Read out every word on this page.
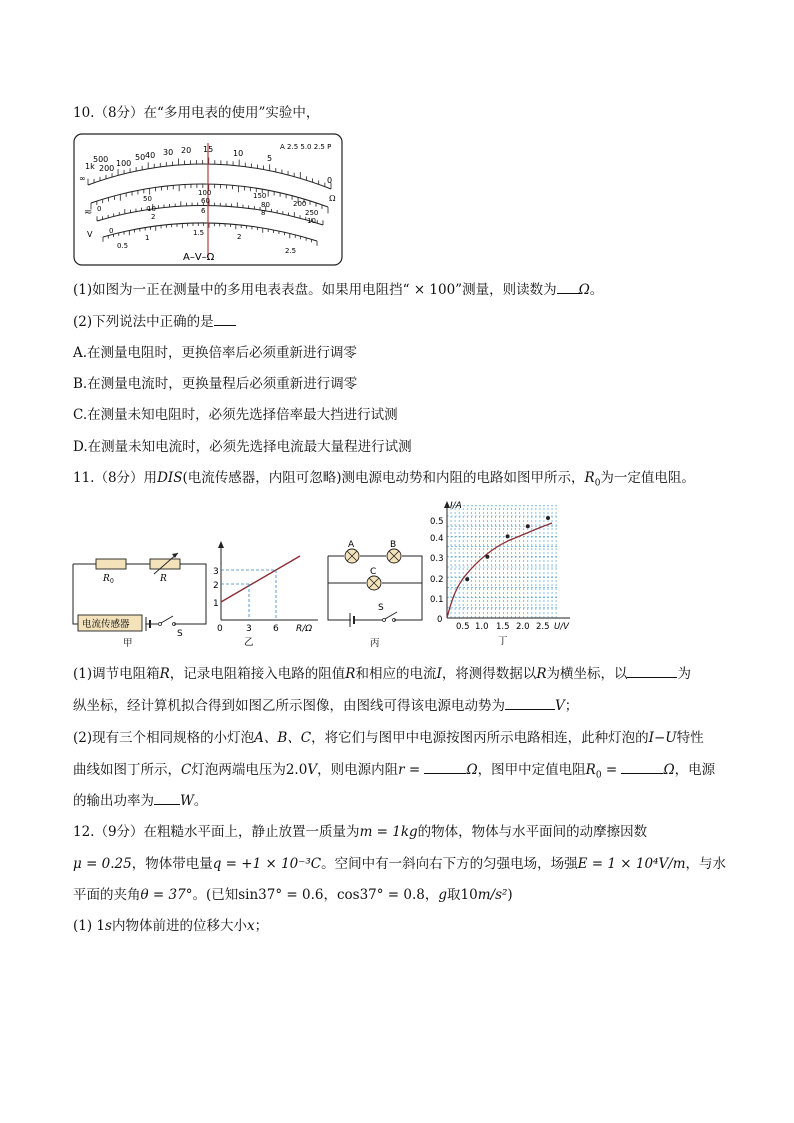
10.（8分）在“多用电表的使用”实验中，
∞
1k
500
200
100
50 40 30 20 15 10
5
0
A 2.5 5.0 2.5 P
Ω
0
50
100	150
200
250
10
2
60	80
6	8
10
0
0.5
1
1.5	2
2.5
≂
V
A–V–Ω
(1)如图为一正在测量中的多用电表表盘。如果用电阻挡“ × 100”测量，则读数为 Ω。
(2)下列说法中正确的是
A.在测量电阻时，更换倍率后必须重新进行调零
B.在测量电流时，更换量程后必须重新进行调零
C.在测量未知电阻时，必须先选择倍率最大挡进行试测
D.在测量未知电流时，必须先选择电流最大量程进行试测
11.（8分）用DIS(电流传感器，内阻可忽略)测电源电动势和内阻的电路如图甲所示，$R_0$为一定值电阻。
R 0	R
电流传感器
S
甲
1
2
3
0	3 6 R/Ω
乙
A	B
C
S
丙
I/A
0
0.1
0.2
0.3
0.4
0.5
0.5 1.0 1.5 2.0 2.5 U/V
丁
(1)调节电阻箱R，记录电阻箱接入电路的阻值R和相应的电流I，将测得数据以R为横坐标，以	为
纵坐标，经计算机拟合得到如图乙所示图像，由图线可得该电源电动势为	V；
(2)现有三个相同规格的小灯泡A、B、C，将它们与图甲中电源按图丙所示电路相连，此种灯泡的I−U特性
曲线如图丁所示，C灯泡两端电压为2.0V，则电源内阻r =	Ω，图甲中定值电阻$R_0$ =	Ω，电源
的输出功率为 W。
12.（9分）在粗糙水平面上，静止放置一质量为m = 1kg的物体，物体与水平面间的动摩擦因数
μ = 0.25，物体带电量q = +1 × 10⁻³C。空间中有一斜向右下方的匀强电场，场强E = 1 × 10⁴V/m，与水
平面的夹角θ = 37°。(已知sin37° = 0.6，cos37° = 0.8，g取10m/s²)
(1) 1s内物体前进的位移大小x；
